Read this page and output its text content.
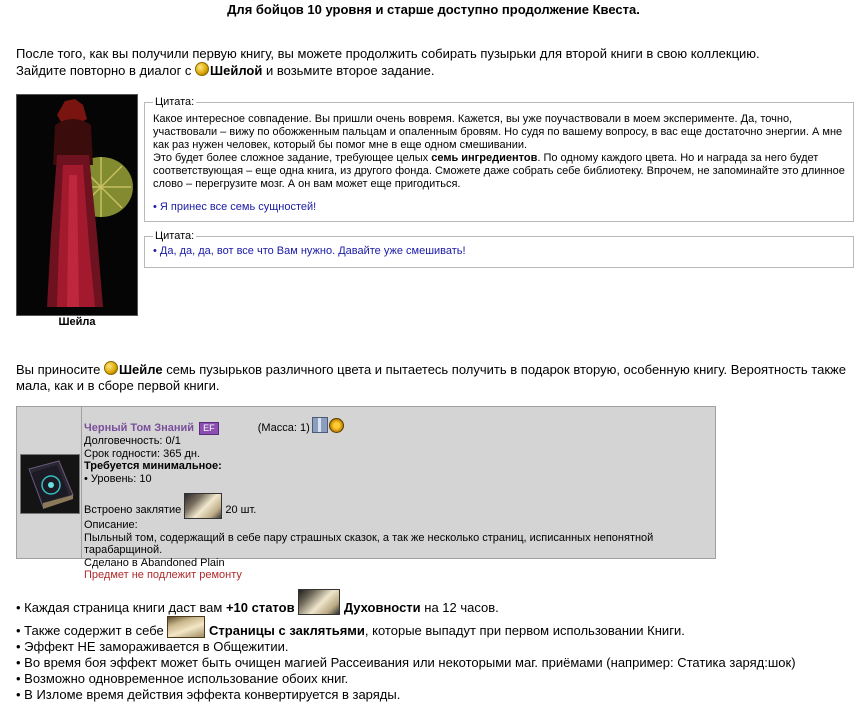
Для бойцов 10 уровня и старше доступно продолжение Квеста.
После того, как вы получили первую книгу, вы можете продолжить собирать пузырьки для второй книги в свою коллекцию.
Зайдите повторно в диалог с Шейлой и возьмите второе задание.
Шейла
Цитата:
Какое интересное совпадение. Вы пришли очень вовремя. Кажется, вы уже поучаствовали в моем эксперименте. Да, точно, участвовали – вижу по обожженным пальцам и опаленным бровям. Но судя по вашему вопросу, в вас еще достаточно энергии. А мне как раз нужен человек, который бы помог мне в еще одном смешивании.
Это будет более сложное задание, требующее целых семь ингредиентов. По одному каждого цвета. Но и награда за него будет соответствующая – еще одна книга, из другого фонда. Сможете даже собрать себе библиотеку. Впрочем, не запоминайте это длинное слово – перегрузите мозг. А он вам может еще пригодиться.
• Я принес все семь сущностей!
Цитата:
• Да, да, да, вот все что Вам нужно. Давайте уже смешивать!
Вы приносите Шейле семь пузырьков различного цвета и пытаетесь получить в подарок вторую, особенную книгу. Вероятность также мала, как и в сборе первой книги.
Черный Том Знаний EF	(Масса: 1)
Долговечность: 0/1
Срок годности: 365 дн.
Требуется минимальное:
• Уровень: 10
Встроено заклятие	20 шт.
Описание:
Пыльный том, содержащий в себе пару страшных сказок, а так же несколько страниц, исписанных непонятной тарабарщиной.
Сделано в Abandoned Plain
Предмет не подлежит ремонту
• Каждая страница книги даст вам +10 статов	Духовности на 12 часов.
• Также содержит в себе	Страницы с заклятьями, которые выпадут при первом использовании Книги.
• Эффект НЕ замораживается в Общежитии.
• Во время боя эффект может быть очищен магией Рассеивания или некоторыми маг. приёмами (например: Статика заряд:шок)
• Возможно одновременное использование обоих книг.
• В Изломе время действия эффекта конвертируется в заряды.
